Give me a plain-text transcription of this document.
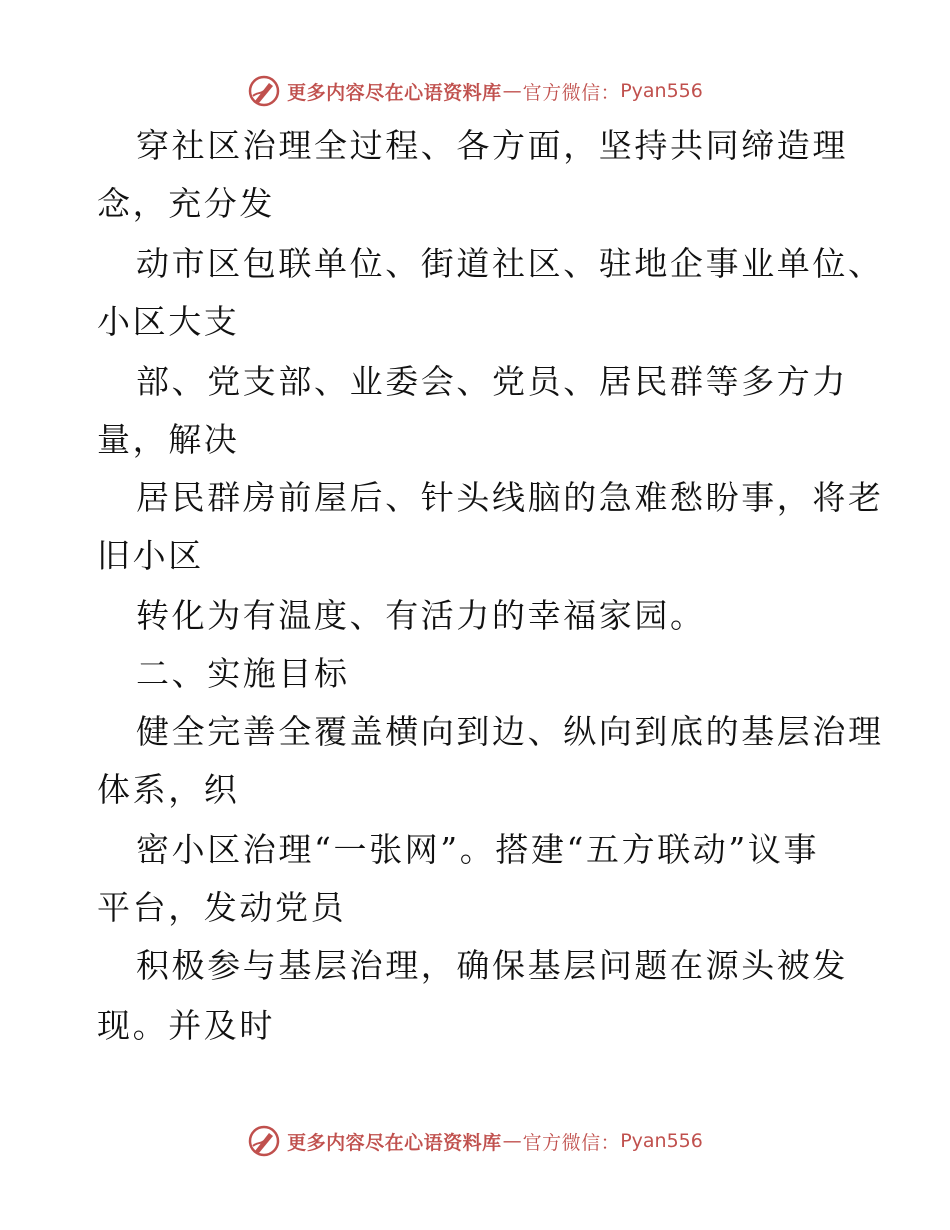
更多内容尽在心语资料库 — 官方微信： Pyan556
穿社区治理全过程、各方面，坚持共同缔造理
念，充分发
动市区包联单位、街道社区、驻地企事业单位、
小区大支
部、党支部、业委会、党员、居民群等多方力
量，解决
居民群房前屋后、针头线脑的急难愁盼事，将老
旧小区
转化为有温度、有活力的幸福家园。
二、实施目标
健全完善全覆盖横向到边、纵向到底的基层治理
体系，织
密小区治理“一张网”。搭建“五方联动”议事
平台，发动党员
积极参与基层治理，确保基层问题在源头被发
现。并及时
更多内容尽在心语资料库 — 官方微信： Pyan556
